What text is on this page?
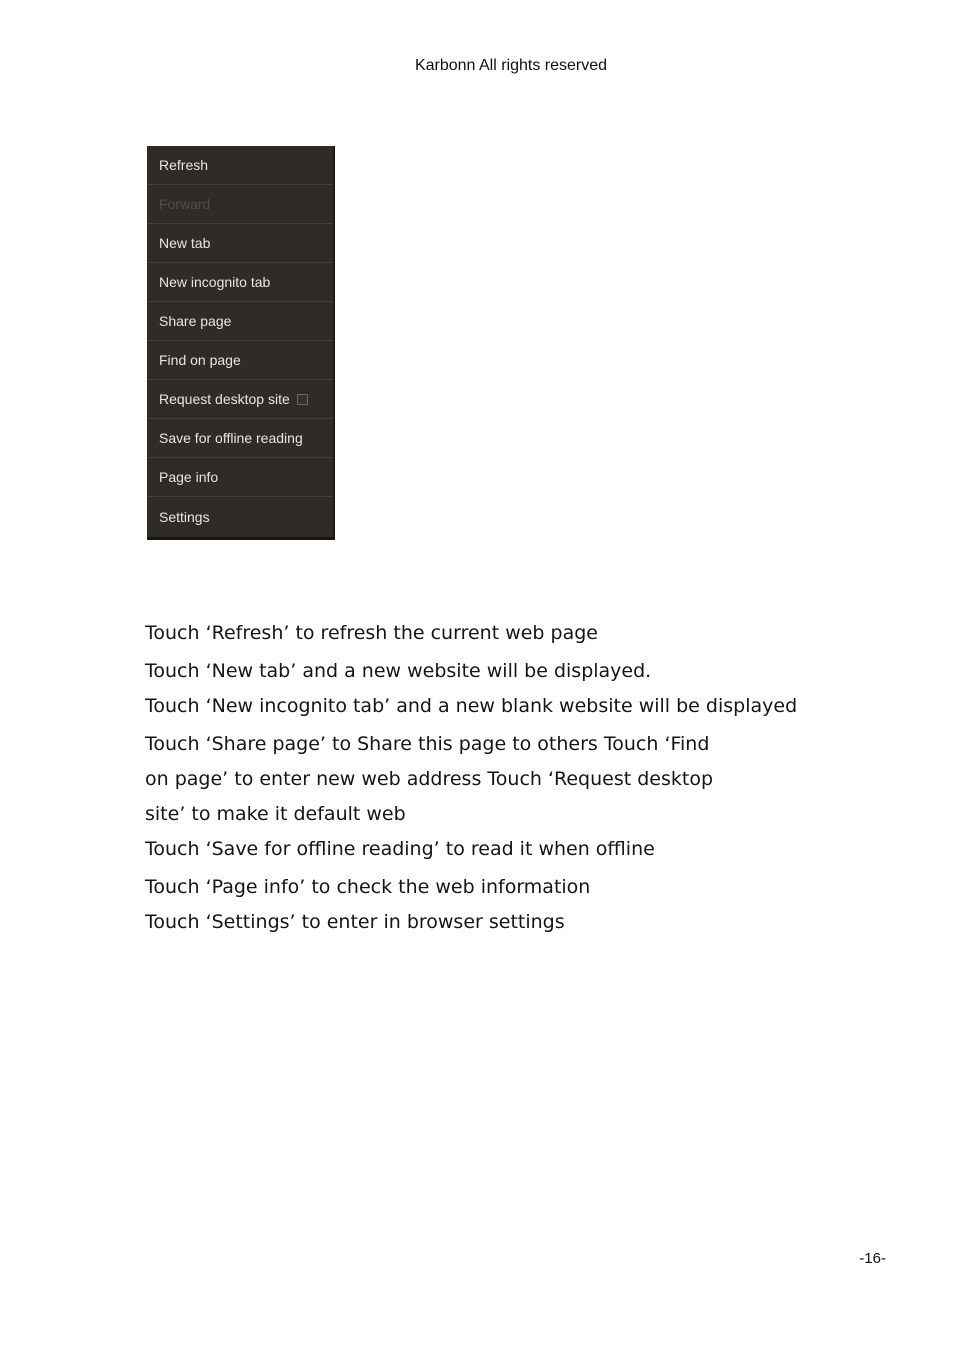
Karbonn All rights reserved
Refresh
Forward
New tab
New incognito tab
Share page
Find on page
Request desktop site
Save for offline reading
Page info
Settings

Touch ‘Refresh’ to refresh the current web page

Touch ‘New tab’ and a new website will be displayed.

Touch ‘New incognito tab’ and a new blank website will be displayed

Touch ‘Share page’ to Share this page to others Touch ‘Find

on page’ to enter new web address Touch ‘Request desktop

site’ to make it default web

Touch ‘Save for offline reading’ to read it when offline

Touch ‘Page info’ to check the web information

Touch ‘Settings’ to enter in browser settings

-16-
